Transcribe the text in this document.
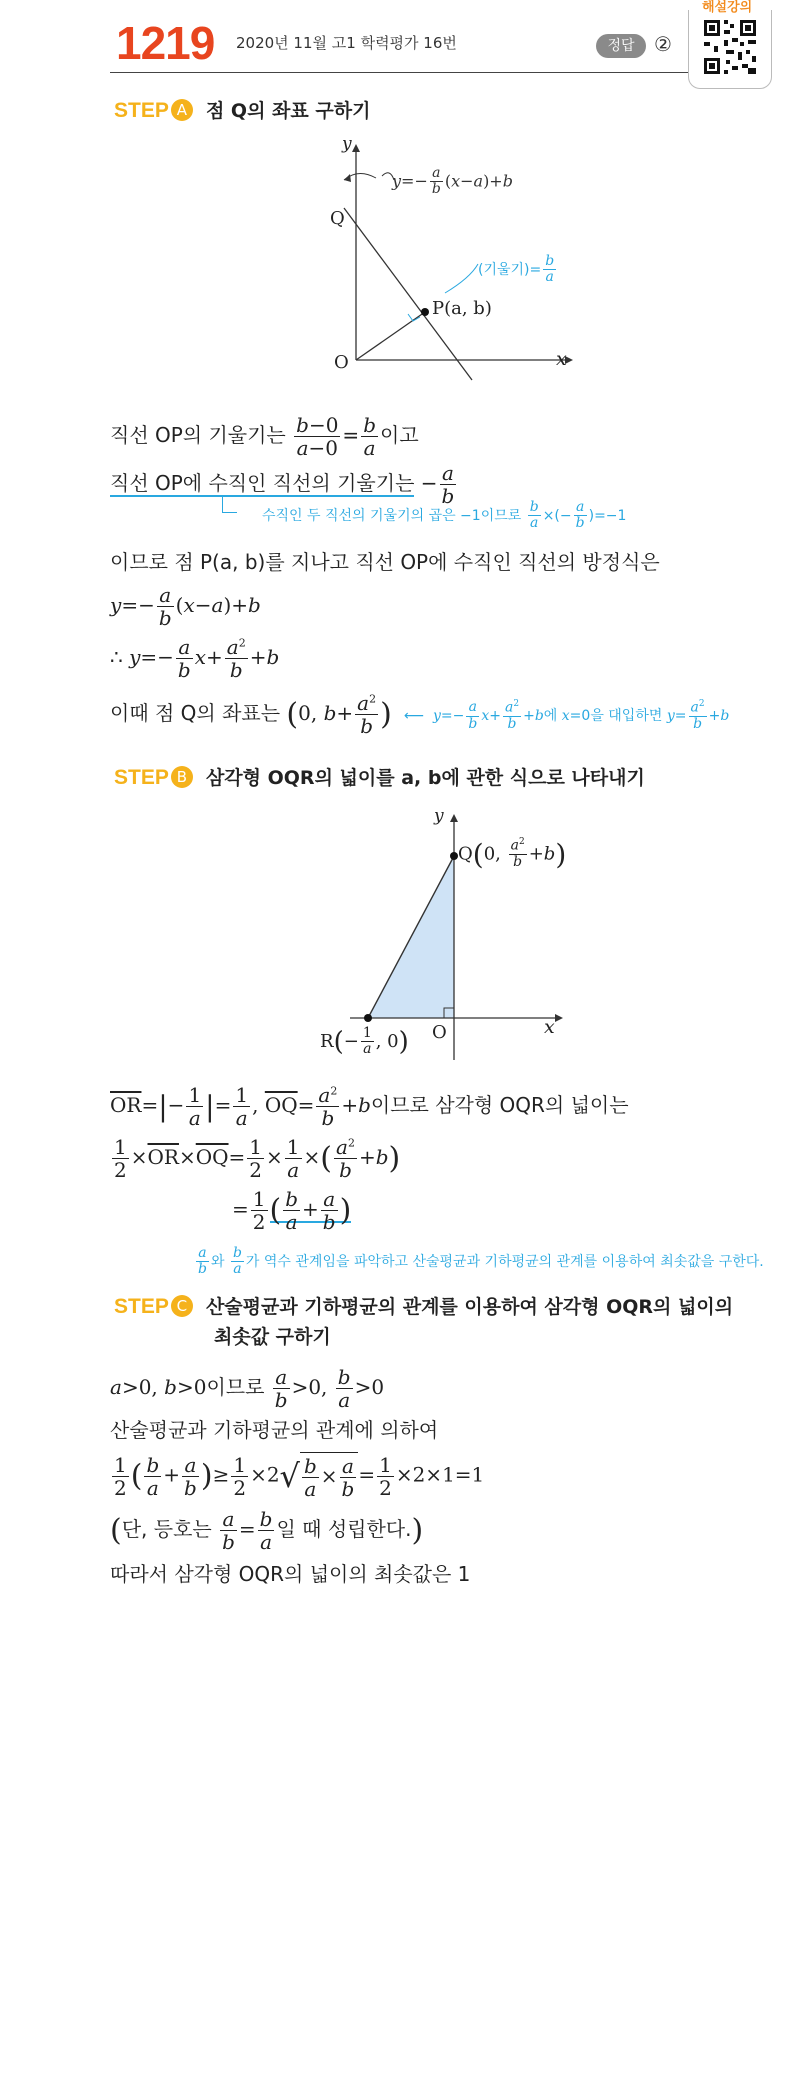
1219 2020년 11월 고1 학력평가 16번	정답 ②
해설강의
STEP A 점 Q의 좌표 구하기
y
x
O
Q
P(a, b)
$y=- \frac{a}{b} (x-a)+b$
(기울기)= $\frac{b}{a}$
직선 OP의 기울기는 $\frac{b-0}{a-0} = \frac{b}{a}$ 이고
직선 OP에 수직인 직선의 기울기는 − $\frac{a}{b}$
수직인 두 직선의 기울기의 곱은 −1이므로 $\frac{b}{a}$ ×(− $\frac{a}{b} )=-1$
이므로 점 P(a, b)를 지나고 직선 OP에 수직인 직선의 방정식은
$y=- \frac{a}{b} (x-a)+b$
∴ $y=- \frac{a}{b} x+ \frac{a^2}{b} +b$
이때 점 Q의 좌표는 (0, $b+ \frac{a^2}{b}$ ) ⟵  $y=- \frac{a}{b} x+ \frac{a^2}{b} +b$에 x=0을 대입하면 $y= \frac{a^2}{b} +b$
STEP B 삼각형 OQR의 넓이를 a, b에 관한 식으로 나타내기
y
x
O
Q(0, $\frac{a^2}{b} +b$)
$R(- \frac{1}{a}$ , 0)
$\overline{OR}=|- \frac{1}{a}$ |= $\frac{1}{a}$ , $\overline{OQ}= \frac{a^2}{b} +b$이므로 삼각형 OQR의 넓이는
$\frac{1}{2} \times\overline{OR}\times\overline{OQ}= \frac{1}{2} \times \frac{1}{a}$ ×( $\frac{a^2}{b} +b$)
= $\frac{1}{2}$ ( $\frac{b}{a} + \frac{a}{b}$ )
$\frac{a}{b}$ 와 $\frac{b}{a}$ 가 역수 관계임을 파악하고 산술평균과 기하평균의 관계를 이용하여 최솟값을 구한다.
STEP C 산술평균과 기하평균의 관계를 이용하여 삼각형 OQR의 넓이의
최솟값 구하기
a>0, b>0이므로 $\frac{a}{b} >0$, $\frac{b}{a} >0$
산술평균과 기하평균의 관계에 의하여
$\frac{1}{2}$ ( $\frac{b}{a} + \frac{a}{b}$ )≥ $\frac{1}{2} \times 2√ \frac{b}{a} \times \frac{a}{b} = \frac{1}{2} \times 2\times 1=1$
(단, 등호는 $\frac{a}{b} = \frac{b}{a}$ 일 때 성립한다.)
따라서 삼각형 OQR의 넓이의 최솟값은 1
